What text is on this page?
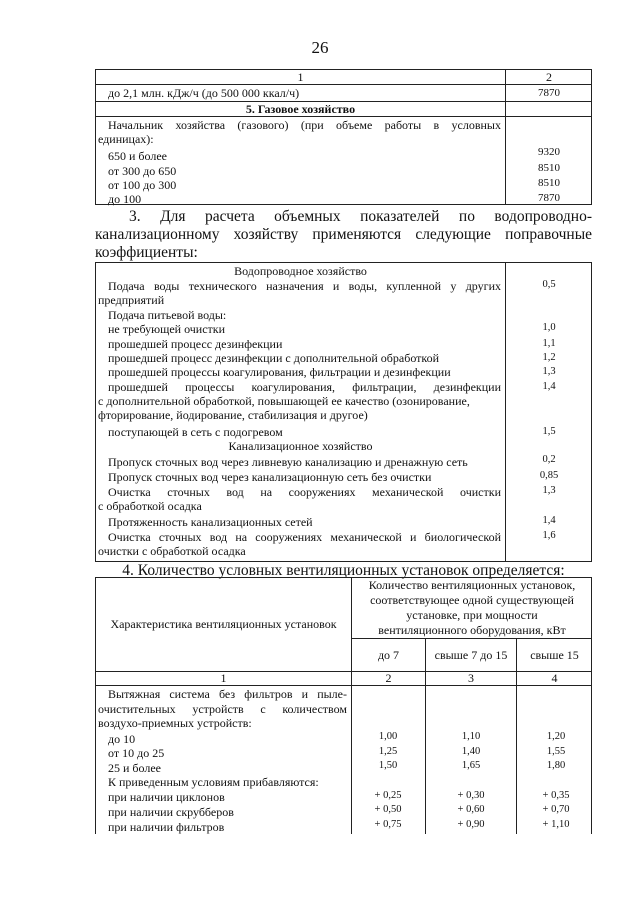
26
1	2
до 2,1 млн. кДж/ч (до 500 000 ккал/ч)	7870
5. Газовое хозяйство
Начальник хозяйства (газового) (при объеме работы в условных
единицах):
650 и более	9320
от 300 до 650	8510
от 100 до 300	8510
до 100	7870
3. Для расчета объемных показателей по водопроводно-
канализационному хозяйству применяются следующие поправочные
коэффициенты:
Водопроводное хозяйство
Подача воды технического назначения и воды, купленной у других
предприятий
0,5
Подача питьевой воды:
не требующей очистки	1,0
прошедшей процесс дезинфекции	1,1
прошедшей процесс дезинфекции с дополнительной обработкой	1,2
прошедшей процессы коагулирования, фильтрации и дезинфекции	1,3
прошедшей процессы коагулирования, фильтрации, дезинфекции
с дополнительной обработкой, повышающей ее качество (озонирование,
фторирование, йодирование, стабилизация и другое)
1,4
поступающей в сеть с подогревом	1,5
Канализационное хозяйство
Пропуск сточных вод через ливневую канализацию и дренажную сеть	0,2
Пропуск сточных вод через канализационную сеть без очистки	0,85
Очистка сточных вод на сооружениях механической очистки
с обработкой осадка
1,3
Протяженность канализационных сетей	1,4
Очистка сточных вод на сооружениях механической и биологической
очистки с обработкой осадка
1,6
4. Количество условных вентиляционных установок определяется:
Характеристика вентиляционных установок
Количество вентиляционных установок,
соответствующее одной существующей
установке, при мощности
вентиляционного оборудования, кВт
до 7	свыше 7 до 15	свыше 15
1	2	3	4
Вытяжная система без фильтров и пыле-
очистительных устройств с количеством
воздухо-приемных устройств:
до 10	1,00	1,10	1,20
от 10 до 25	1,25	1,40	1,55
25 и более	1,50	1,65	1,80
К приведенным условиям прибавляются:
при наличии циклонов	+ 0,25	+ 0,30	+ 0,35
при наличии скрубберов	+ 0,50	+ 0,60	+ 0,70
при наличии фильтров	+ 0,75	+ 0,90	+ 1,10
